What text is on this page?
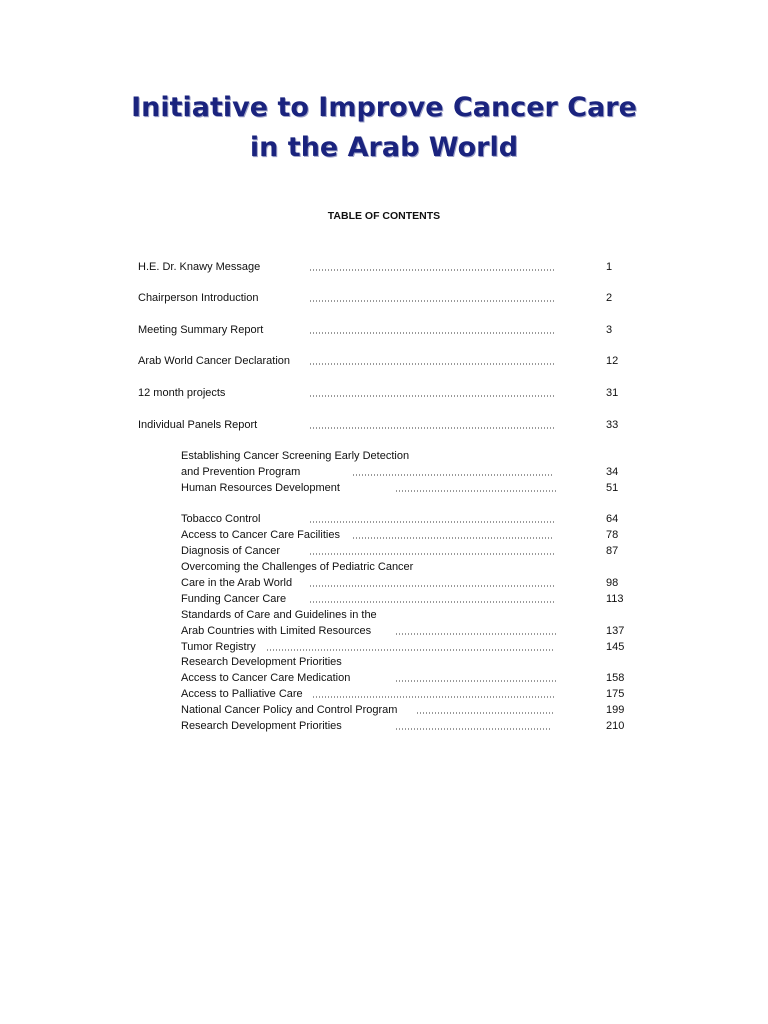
Initiative to Improve Cancer Care
in the Arab World
TABLE OF CONTENTS
H.E. Dr. Knawy Message	1
Chairperson Introduction	2
Meeting Summary Report	3
Arab World Cancer Declaration	12
12 month projects	31
Individual Panels Report	33
Establishing Cancer Screening Early Detection
and Prevention Program	34
Human Resources Development	51
Tobacco Control	64
Access to Cancer Care Facilities	78
Diagnosis of Cancer	87
Overcoming the Challenges of Pediatric Cancer
Care in the Arab World	98
Funding Cancer Care	113
Standards of Care and Guidelines in the
Arab Countries with Limited Resources	137
Tumor Registry	145
Research Development Priorities
Access to Cancer Care Medication	158
Access to Palliative Care	175
National Cancer Policy and Control Program	199
Research Development Priorities	210
